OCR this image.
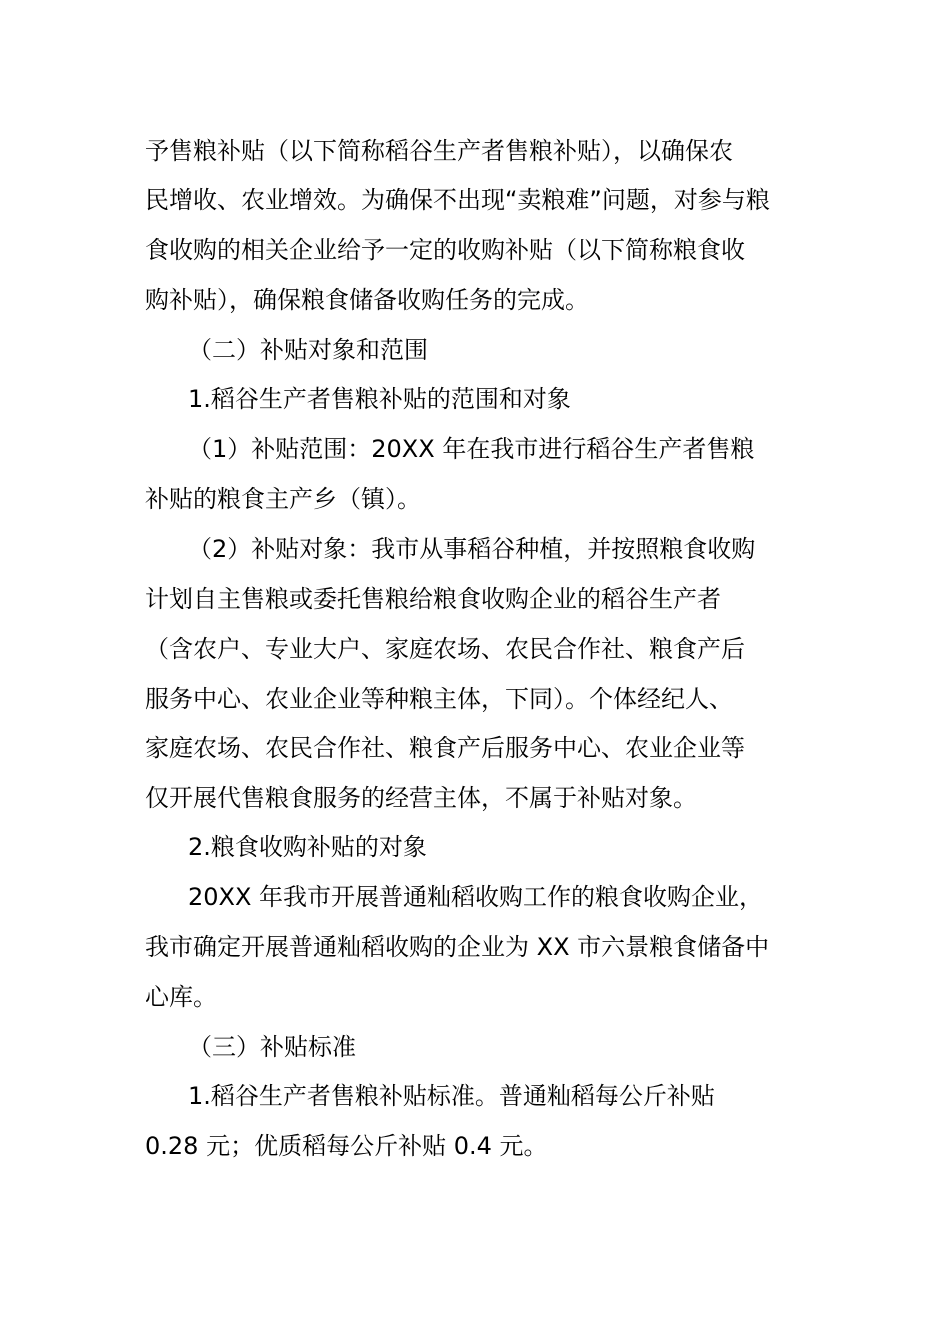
予售粮补贴（以下简称稻谷生产者售粮补贴），以确保农
民增收、农业增效。为确保不出现“卖粮难”问题，对参与粮
食收购的相关企业给予一定的收购补贴（以下简称粮食收
购补贴），确保粮食储备收购任务的完成。
（二）补贴对象和范围
1.稻谷生产者售粮补贴的范围和对象
（1）补贴范围：20XX 年在我市进行稻谷生产者售粮
补贴的粮食主产乡（镇）。
（2）补贴对象：我市从事稻谷种植，并按照粮食收购
计划自主售粮或委托售粮给粮食收购企业的稻谷生产者
（含农户、专业大户、家庭农场、农民合作社、粮食产后
服务中心、农业企业等种粮主体，下同）。个体经纪人、
家庭农场、农民合作社、粮食产后服务中心、农业企业等
仅开展代售粮食服务的经营主体，不属于补贴对象。
2.粮食收购补贴的对象
20XX 年我市开展普通籼稻收购工作的粮食收购企业，
我市确定开展普通籼稻收购的企业为 XX 市六景粮食储备中
心库。
（三）补贴标准
1.稻谷生产者售粮补贴标准。普通籼稻每公斤补贴
0.28 元；优质稻每公斤补贴 0.4 元。
